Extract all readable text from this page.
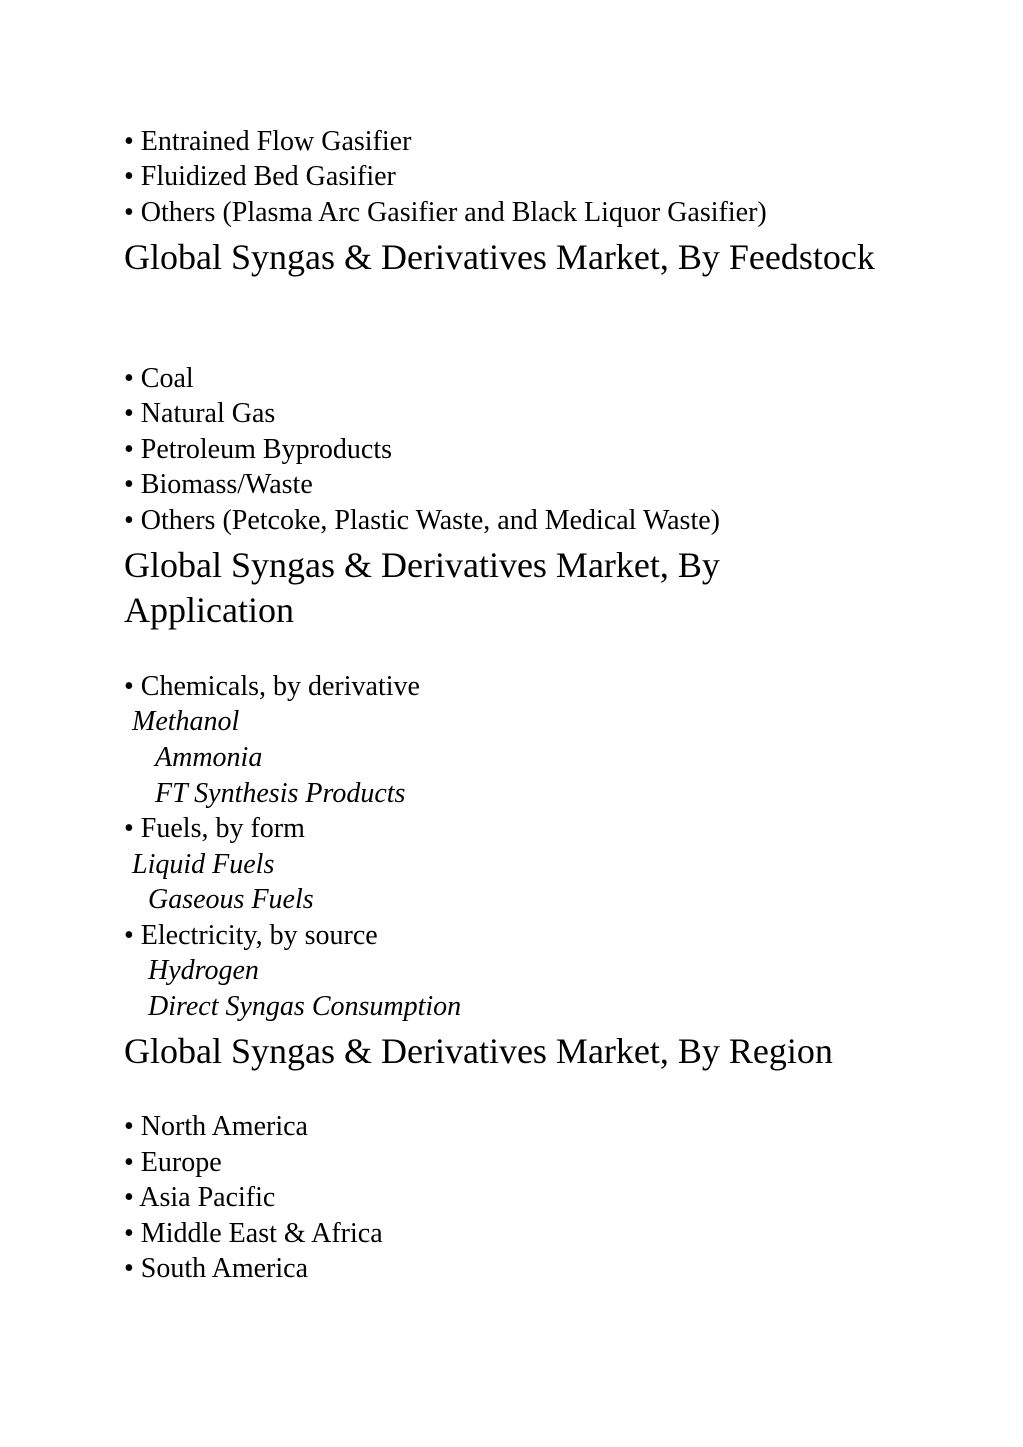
• Entrained Flow Gasifier
• Fluidized Bed Gasifier
• Others (Plasma Arc Gasifier and Black Liquor Gasifier)
Global Syngas & Derivatives Market, By Feedstock
• Coal
• Natural Gas
• Petroleum Byproducts
• Biomass/Waste
• Others (Petcoke, Plastic Waste, and Medical Waste)
Global Syngas & Derivatives Market, By Application
• Chemicals, by derivative
Methanol
Ammonia
FT Synthesis Products
• Fuels, by form
Liquid Fuels
Gaseous Fuels
• Electricity, by source
Hydrogen
Direct Syngas Consumption
Global Syngas & Derivatives Market, By Region
• North America
• Europe
• Asia Pacific
• Middle East & Africa
• South America
